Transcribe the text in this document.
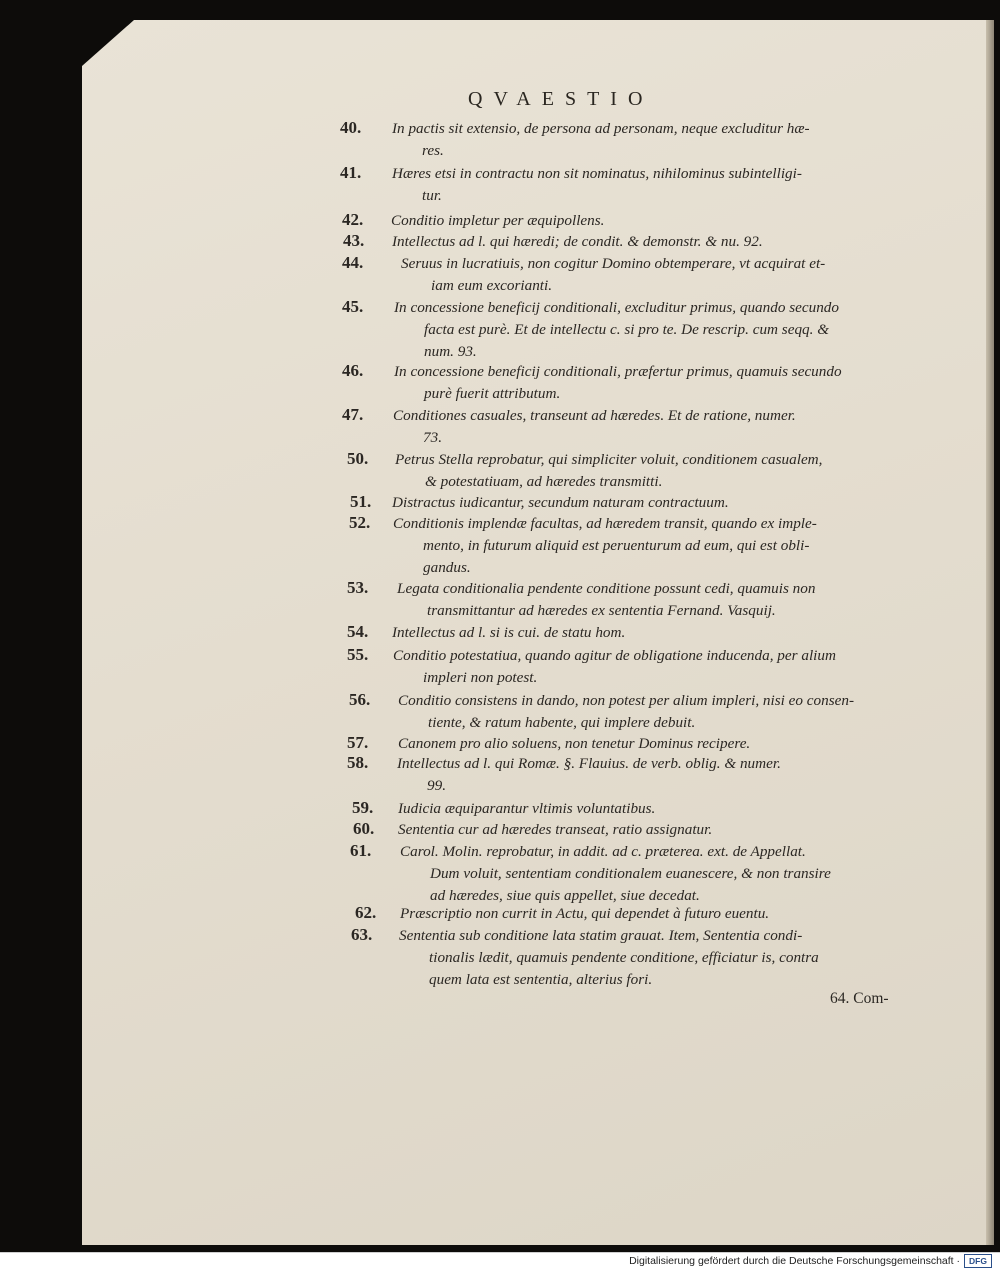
QVAESTIO
40. In pactis sit extensio, de persona ad personam, neque excluditur hæ-
res.
41. Hæres etsi in contractu non sit nominatus, nihilominus subintelligi-
tur.
42. Conditio impletur per æquipollens.
43. Intellectus ad l. qui hæredi; de condit. & demonstr. & nu. 92.
44. Seruus in lucratiuis, non cogitur Domino obtemperare, vt acquirat et-
iam eum excorianti.
45. In concessione beneficij conditionali, excluditur primus, quando secundo
facta est purè. Et de intellectu c. si pro te. De rescrip. cum seqq. &
num. 93.
46. In concessione beneficij conditionali, præfertur primus, quamuis secundo
purè fuerit attributum.
47. Conditiones casuales, transeunt ad hæredes. Et de ratione, numer.
73.
50. Petrus Stella reprobatur, qui simpliciter voluit, conditionem casualem,
& potestatiuam, ad hæredes transmitti.
51. Distractus iudicantur, secundum naturam contractuum.
52. Conditionis implendæ facultas, ad hæredem transit, quando ex imple-
mento, in futurum aliquid est peruenturum ad eum, qui est obli-
gandus.
53. Legata conditionalia pendente conditione possunt cedi, quamuis non
transmittantur ad hæredes ex sententia Fernand. Vasquij.
54. Intellectus ad l. si is cui. de statu hom.
55. Conditio potestatiua, quando agitur de obligatione inducenda, per alium
impleri non potest.
56. Conditio consistens in dando, non potest per alium impleri, nisi eo consen-
tiente, & ratum habente, qui implere debuit.
57. Canonem pro alio soluens, non tenetur Dominus recipere.
58. Intellectus ad l. qui Romæ. §. Flauius. de verb. oblig. & numer.
99.
59. Iudicia æquiparantur vltimis voluntatibus.
60. Sententia cur ad hæredes transeat, ratio assignatur.
61. Carol. Molin. reprobatur, in addit. ad c. præterea. ext. de Appellat.
Dum voluit, sententiam conditionalem euanescere, & non transire
ad hæredes, siue quis appellet, siue decedat.
62. Præscriptio non currit in Actu, qui dependet à futuro euentu.
63. Sententia sub conditione lata statim grauat. Item, Sententia condi-
tionalis lædit, quamuis pendente conditione, efficiatur is, contra
quem lata est sententia, alterius fori.
64. Com-
Digitalisierung gefördert durch die Deutsche Forschungsgemeinschaft ·	DFG
